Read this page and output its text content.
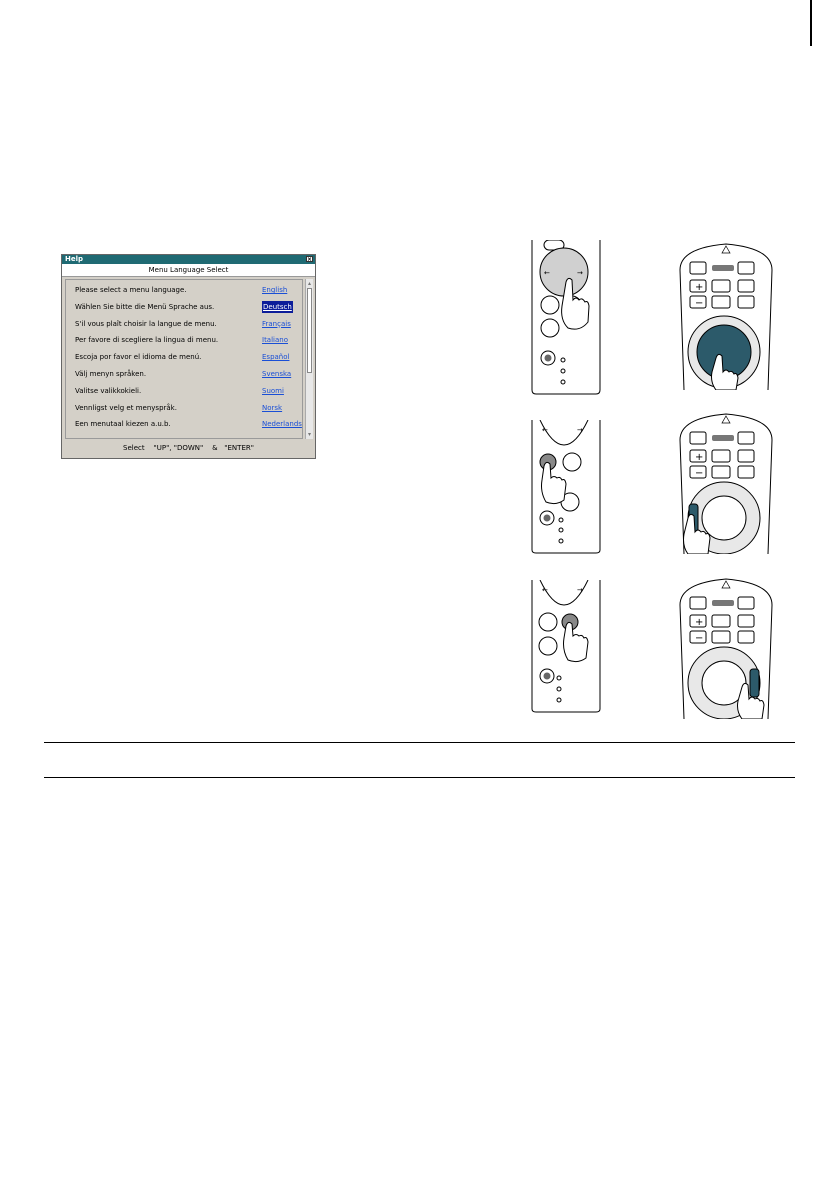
Help	×
Menu Language Select
Please select a menu language.	English
Wählen Sie bitte die Menü Sprache aus.	Deutsch
S'il vous plaît choisir la langue de menu.	Français
Per favore di scegliere la lingua di menu.	Italiano
Escoja por favor el idioma de menú.	Español
Välj menyn språken.	Svenska
Valitse valikkokieli.	Suomi
Vennligst velg et menyspråk.	Norsk
Een menutaal kiezen a.u.b.	Nederlands
▴
▾
Select    "UP", "DOWN"    &   "ENTER"
←	→
+
−
←	→
+
−
←	→
+
−
